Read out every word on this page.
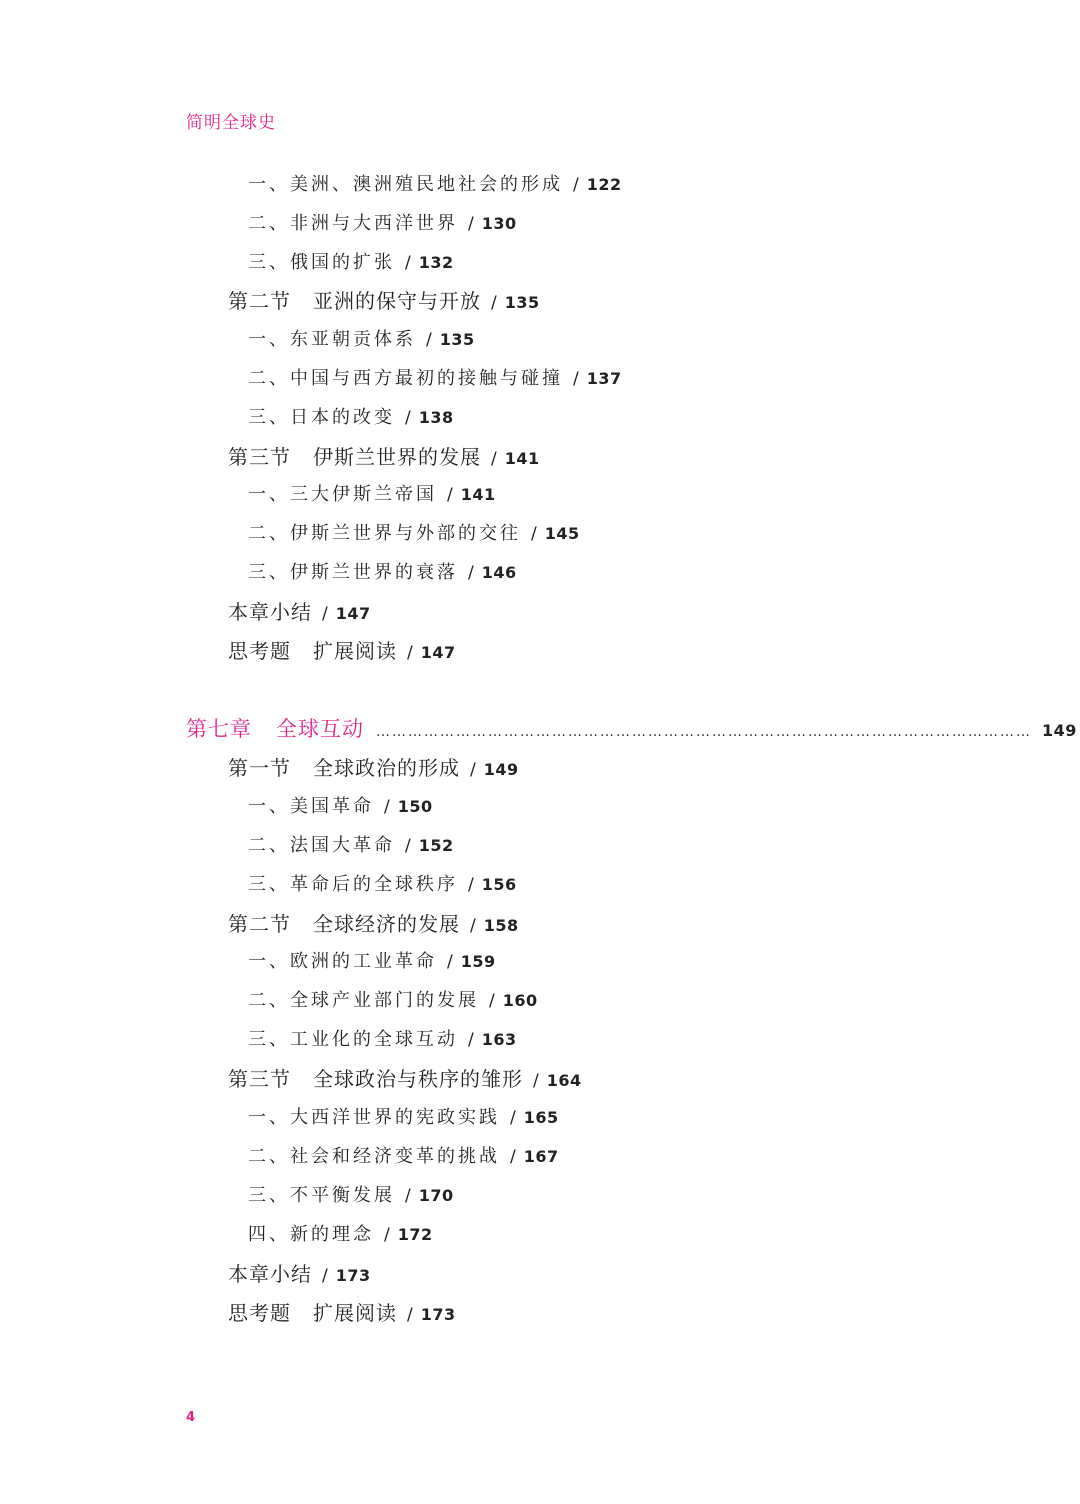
简明全球史
一、美洲、澳洲殖民地社会的形成 / 122
二、非洲与大西洋世界 / 130
三、俄国的扩张 / 132
第二节 亚洲的保守与开放 / 135
一、东亚朝贡体系 / 135
二、中国与西方最初的接触与碰撞 / 137
三、日本的改变 / 138
第三节 伊斯兰世界的发展 / 141
一、三大伊斯兰帝国 / 141
二、伊斯兰世界与外部的交往 / 145
三、伊斯兰世界的衰落 / 146
本章小结 / 147
思考题 扩展阅读 / 147
第七章 全球互动 …………………………………………………………………………………………………………… 149
第一节 全球政治的形成 / 149
一、美国革命 / 150
二、法国大革命 / 152
三、革命后的全球秩序 / 156
第二节 全球经济的发展 / 158
一、欧洲的工业革命 / 159
二、全球产业部门的发展 / 160
三、工业化的全球互动 / 163
第三节 全球政治与秩序的雏形 / 164
一、大西洋世界的宪政实践 / 165
二、社会和经济变革的挑战 / 167
三、不平衡发展 / 170
四、新的理念 / 172
本章小结 / 173
思考题 扩展阅读 / 173
4
